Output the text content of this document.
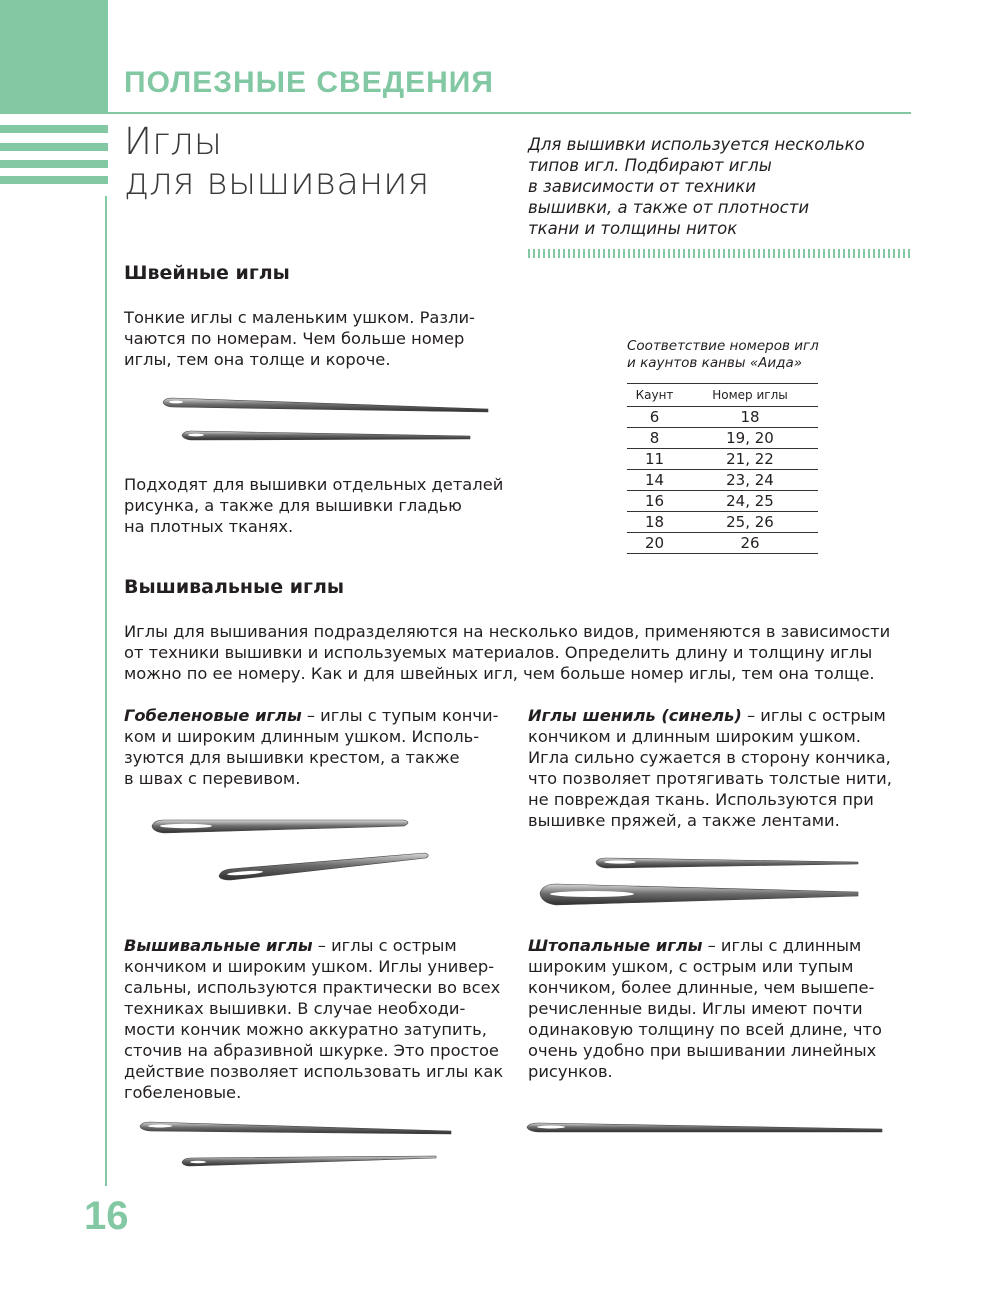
ПОЛЕЗНЫЕ СВЕДЕНИЯ
Иглы
для вышивания
Для вышивки используется несколько
типов игл. Подбирают иглы
в зависимости от техники
вышивки, а также от плотности
ткани и толщины ниток
Швейные иглы

Тонкие иглы с маленьким ушком. Разли-
чаются по номерам. Чем больше номер
иглы, тем она толще и короче.

Подходят для вышивки отдельных деталей
рисунка, а также для вышивки гладью
на плотных тканях.

Соответствие номеров игл
и каунтов канвы «Аида»
Каунт	Номер иглы
6	18
8	19, 20
11	21, 22
14	23, 24
16	24, 25
18	25, 26
20	26
Вышивальные иглы

Иглы для вышивания подразделяются на несколько видов, применяются в зависимости
от техники вышивки и используемых материалов. Определить длину и толщину иглы
можно по ее номеру. Как и для швейных игл, чем больше номер иглы, тем она толще.

Гобеленовые иглы – иглы с тупым кончи-
ком и широким длинным ушком. Исполь-
зуются для вышивки крестом, а также
в швах с перевивом.

Иглы шениль (синель) – иглы с острым
кончиком и длинным широким ушком.
Игла сильно сужается в сторону кончика,
что позволяет протягивать толстые нити,
не повреждая ткань. Используются при
вышивке пряжей, а также лентами.

Вышивальные иглы – иглы с острым
кончиком и широким ушком. Иглы универ-
сальны, используются практически во всех
техниках вышивки. В случае необходи-
мости кончик можно аккуратно затупить,
сточив на абразивной шкурке. Это простое
действие позволяет использовать иглы как
гобеленовые.

Штопальные иглы – иглы с длинным
широким ушком, с острым или тупым
кончиком, более длинные, чем вышепе-
речисленные виды. Иглы имеют почти
одинаковую толщину по всей длине, что
очень удобно при вышивании линейных
рисунков.

16
